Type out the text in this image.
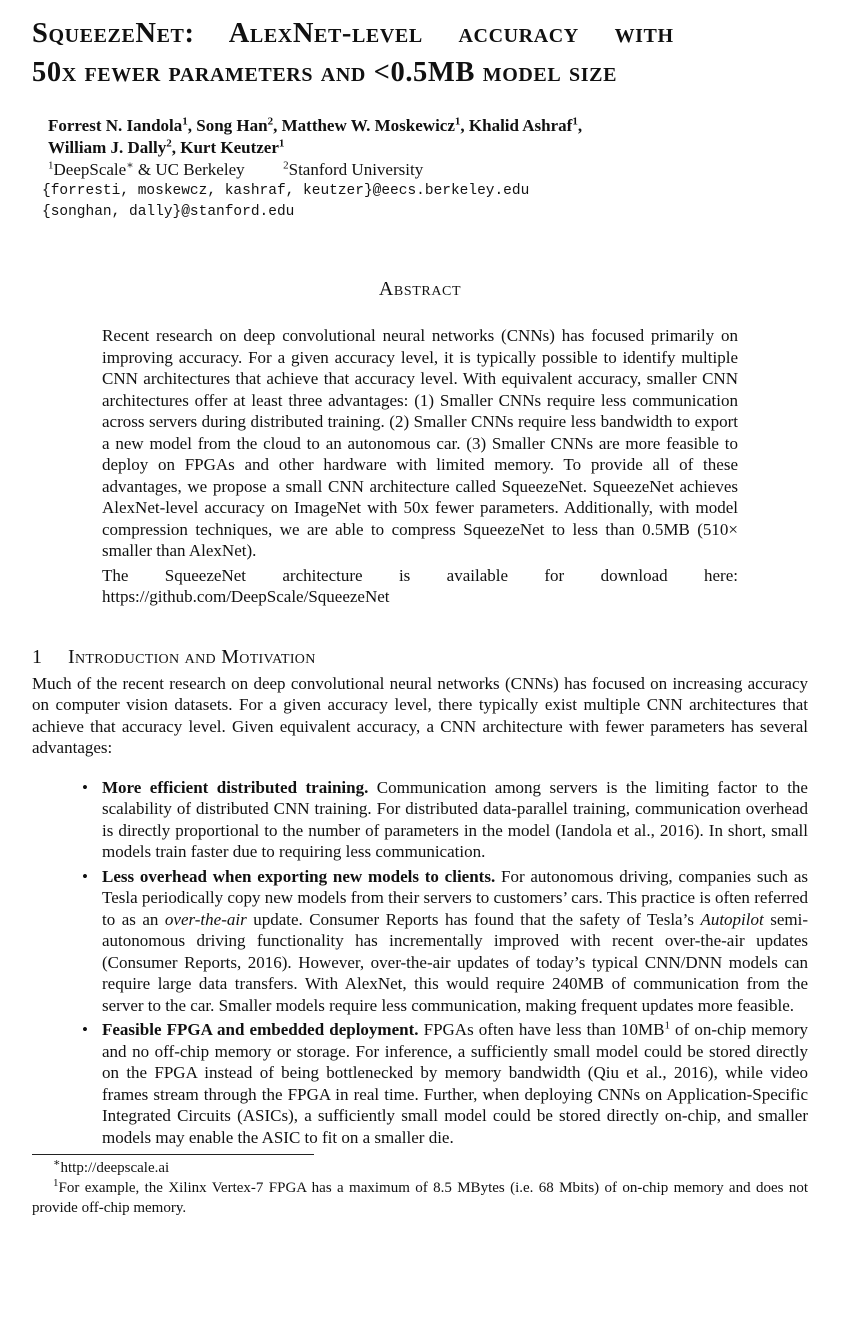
SqueezeNet: AlexNet-level accuracy with
50x fewer parameters and <0.5MB model size
Forrest N. Iandola$^1$, Song Han$^2$, Matthew W. Moskewicz$^1$, Khalid Ashraf$^1$,
William J. Dally$^2$, Kurt Keutzer$^1$
$^1$DeepScale∗ & UC Berkeley	$^2$Stanford University
{forresti, moskewcz, kashraf, keutzer}@eecs.berkeley.edu
{songhan, dally}@stanford.edu
Abstract

Recent research on deep convolutional neural networks (CNNs) has focused primarily on improving accuracy. For a given accuracy level, it is typically possible to identify multiple CNN architectures that achieve that accuracy level. With equivalent accuracy, smaller CNN architectures offer at least three advantages: (1) Smaller CNNs require less communication across servers during distributed training. (2) Smaller CNNs require less bandwidth to export a new model from the cloud to an autonomous car. (3) Smaller CNNs are more feasible to deploy on FPGAs and other hardware with limited memory. To provide all of these advantages, we propose a small CNN architecture called SqueezeNet. SqueezeNet achieves AlexNet-level accuracy on ImageNet with 50x fewer parameters. Additionally, with model compression techniques, we are able to compress SqueezeNet to less than 0.5MB (510× smaller than AlexNet).

The SqueezeNet architecture is available for download here:

https://github.com/DeepScale/SqueezeNet

1 Introduction and Motivation

Much of the recent research on deep convolutional neural networks (CNNs) has focused on increasing accuracy on computer vision datasets. For a given accuracy level, there typically exist multiple CNN architectures that achieve that accuracy level. Given equivalent accuracy, a CNN architecture with fewer parameters has several advantages:

• More efficient distributed training. Communication among servers is the limiting factor to the scalability of distributed CNN training. For distributed data-parallel training, communication overhead is directly proportional to the number of parameters in the model (Iandola et al., 2016). In short, small models train faster due to requiring less communication.
• Less overhead when exporting new models to clients. For autonomous driving, companies such as Tesla periodically copy new models from their servers to customers’ cars. This practice is often referred to as an over-the-air update. Consumer Reports has found that the safety of Tesla’s Autopilot semi-autonomous driving functionality has incrementally improved with recent over-the-air updates (Consumer Reports, 2016). However, over-the-air updates of today’s typical CNN/DNN models can require large data transfers. With AlexNet, this would require 240MB of communication from the server to the car. Smaller models require less communication, making frequent updates more feasible.
• Feasible FPGA and embedded deployment. FPGAs often have less than $10MB^1$ of on-chip memory and no off-chip memory or storage. For inference, a sufficiently small model could be stored directly on the FPGA instead of being bottlenecked by memory bandwidth (Qiu et al., 2016), while video frames stream through the FPGA in real time. Further, when deploying CNNs on Application-Specific Integrated Circuits (ASICs), a sufficiently small model could be stored directly on-chip, and smaller models may enable the ASIC to fit on a smaller die.
∗http://deepscale.ai
$^1$For example, the Xilinx Vertex-7 FPGA has a maximum of 8.5 MBytes (i.e. 68 Mbits) of on-chip memory and does not provide off-chip memory.
